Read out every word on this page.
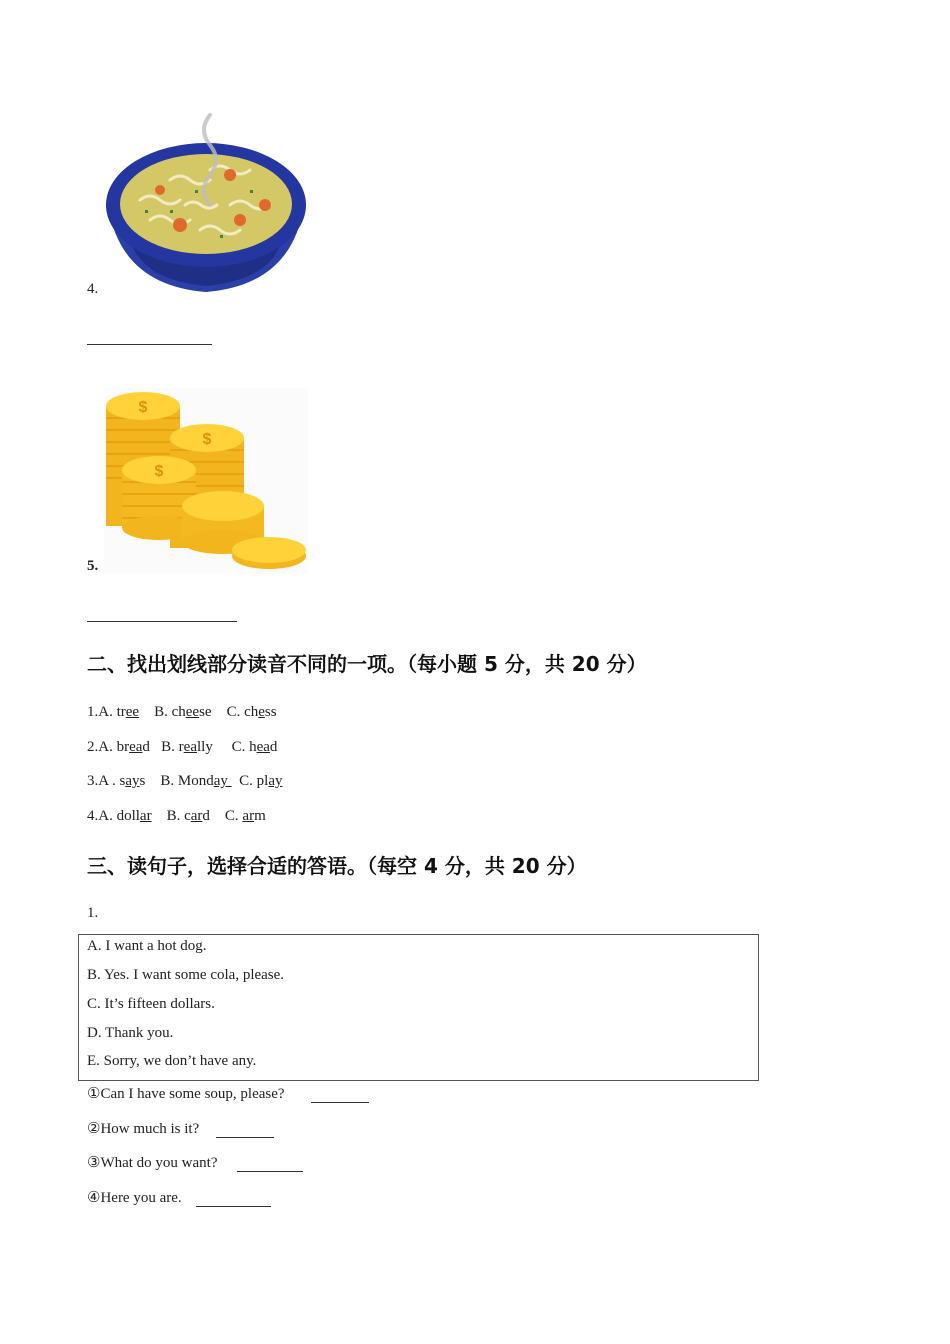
4.
$
$
$
5.
二、找出划线部分读音不同的一项。（每小题 5 分，共 20 分）
1.A. tree B. cheese C. chess
2.A. bread B. really C. head
3.A . says B. Monday   C. play
4.A. dollar B. card C. arm
三、读句子，选择合适的答语。（每空 4 分，共 20 分）
1.
A. I want a hot dog.
B. Yes. I want some cola, please.
C. It’s fifteen dollars.
D. Thank you.
E. Sorry, we don’t have any.
①Can I have some soup, please?
②How much is it?
③What do you want?
④Here you are.
